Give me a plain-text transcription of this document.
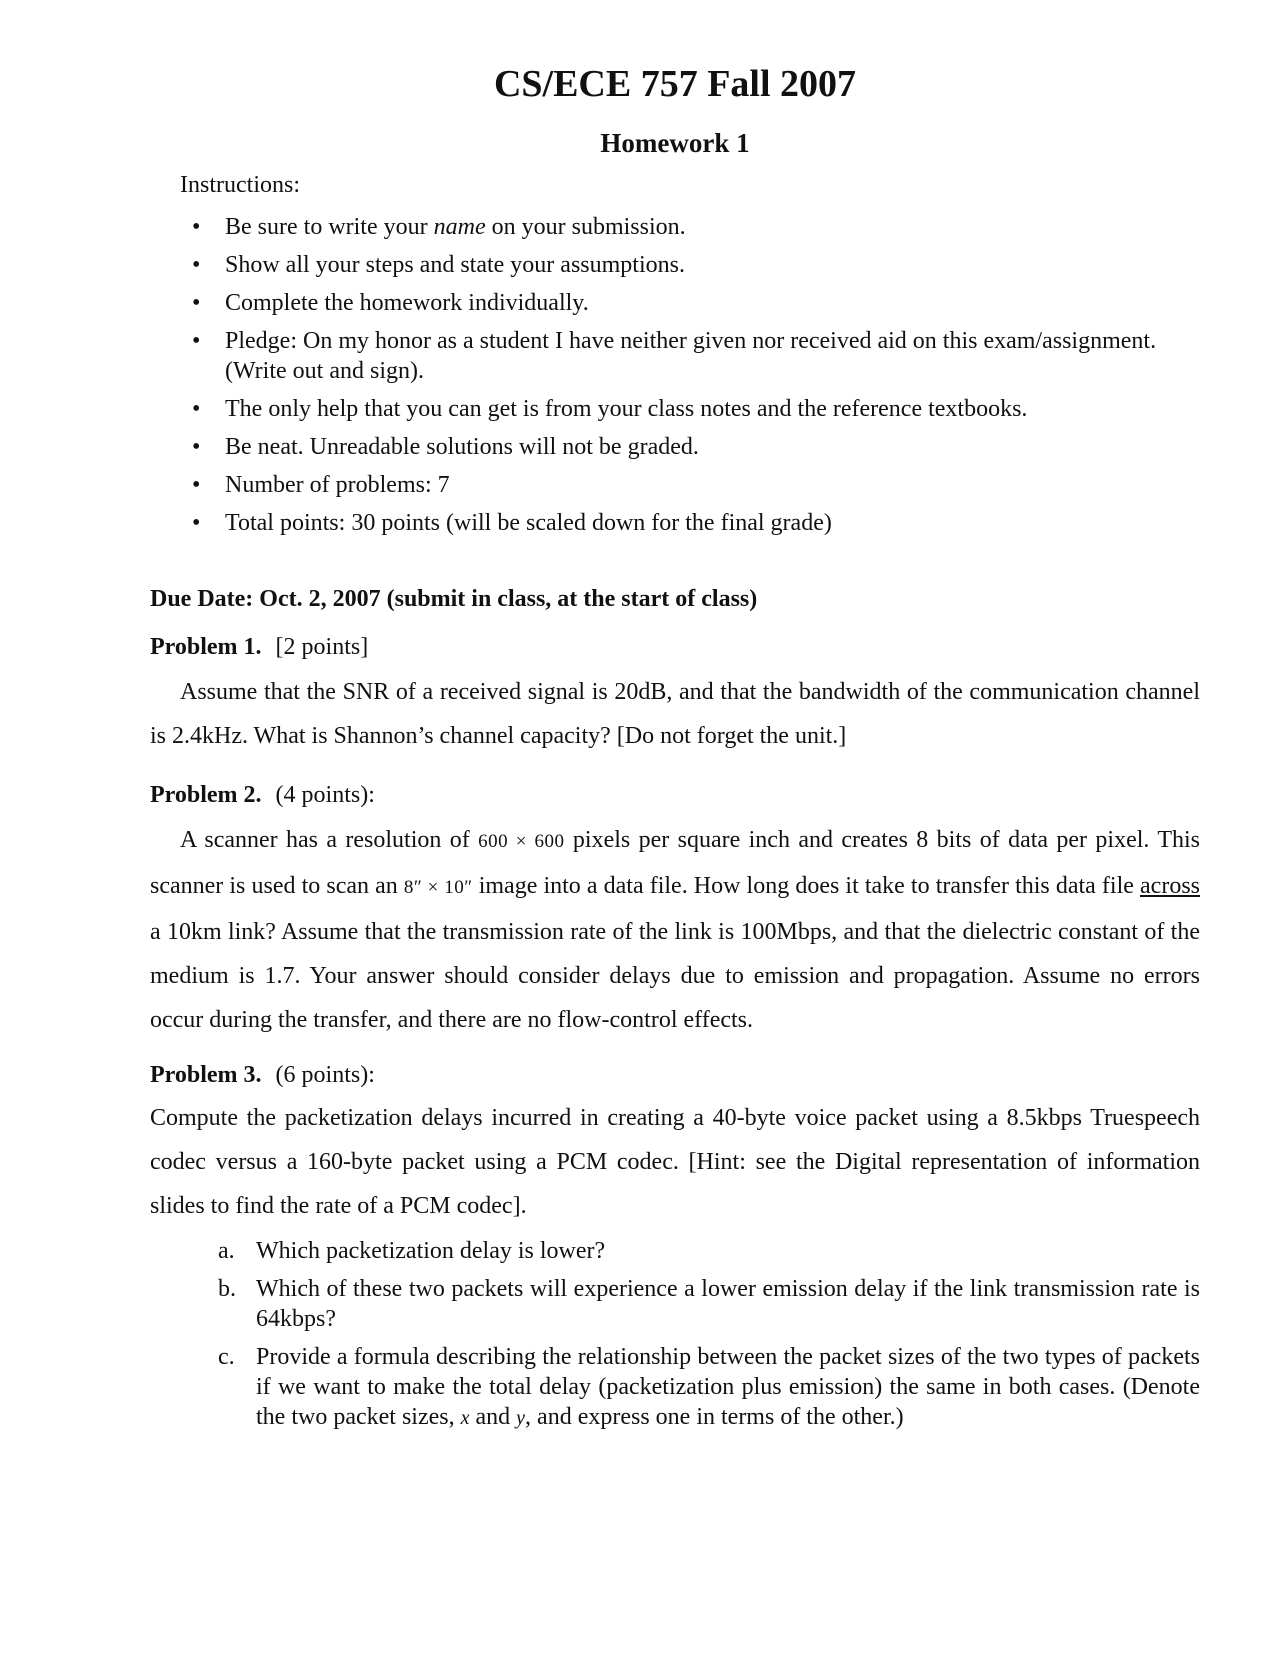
CS/ECE 757 Fall 2007
Homework 1
Instructions:
• Be sure to write your name on your submission.
• Show all your steps and state your assumptions.
• Complete the homework individually.
• Pledge: On my honor as a student I have neither given nor received aid on this exam/assignment. (Write out and sign).
• The only help that you can get is from your class notes and the reference textbooks.
• Be neat. Unreadable solutions will not be graded.
• Number of problems: 7
• Total points: 30 points (will be scaled down for the final grade)
Due Date: Oct. 2, 2007 (submit in class, at the start of class)
Problem 1. [2 points]
Assume that the SNR of a received signal is 20dB, and that the bandwidth of the communication channel is 2.4kHz. What is Shannon’s channel capacity? [Do not forget the unit.]
Problem 2. (4 points):
A scanner has a resolution of 600 × 600 pixels per square inch and creates 8 bits of data per pixel. This scanner is used to scan an 8″ × 10″ image into a data file. How long does it take to transfer this data file across a 10km link? Assume that the transmission rate of the link is 100Mbps, and that the dielectric constant of the medium is 1.7. Your answer should consider delays due to emission and propagation. Assume no errors occur during the transfer, and there are no flow-control effects.
Problem 3. (6 points):
Compute the packetization delays incurred in creating a 40-byte voice packet using a 8.5kbps Truespeech codec versus a 160-byte packet using a PCM codec. [Hint: see the Digital representation of information slides to find the rate of a PCM codec].
a. Which packetization delay is lower?
b. Which of these two packets will experience a lower emission delay if the link transmission rate is 64kbps?
c. Provide a formula describing the relationship between the packet sizes of the two types of packets if we want to make the total delay (packetization plus emission) the same in both cases. (Denote the two packet sizes, x and y, and express one in terms of the other.)
